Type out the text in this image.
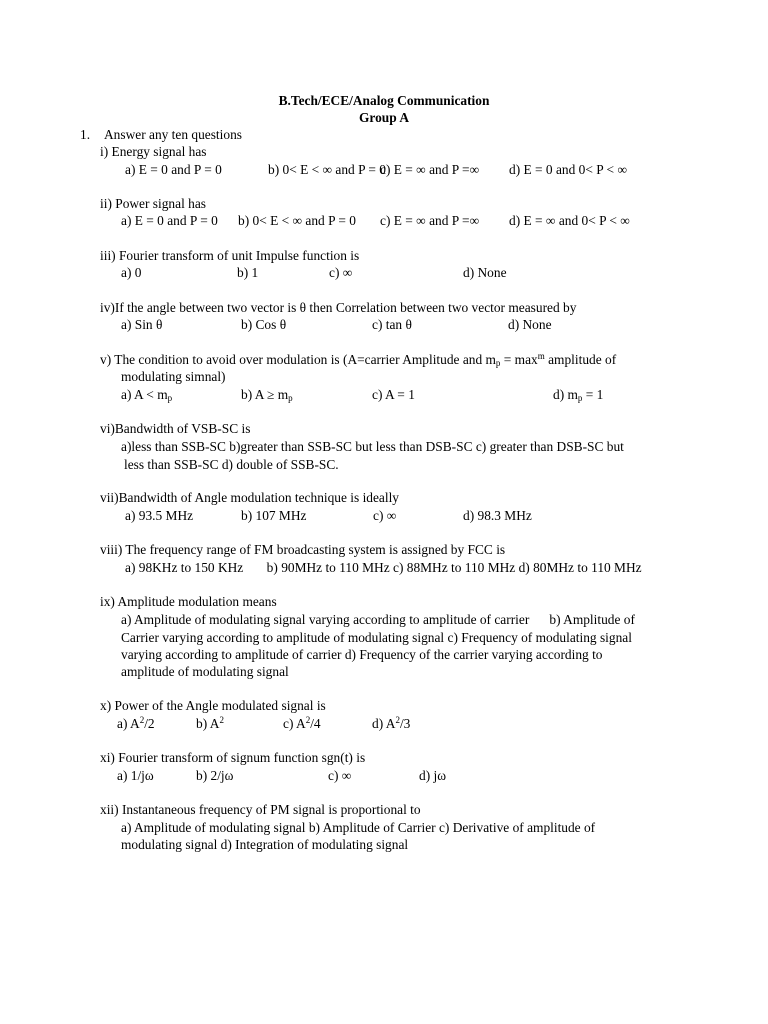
B.Tech/ECE/Analog Communication
Group A
1. Answer any ten questions
i) Energy signal has
a) E = 0 and P = 0	b) 0< E < ∞ and P = 0
c) E = ∞ and P =∞ d) E = 0 and 0< P < ∞
ii) Power signal has
a) E = 0 and P = 0 b) 0< E < ∞ and P = 0 c) E = ∞ and P =∞ d) E = ∞ and 0< P < ∞
iii) Fourier transform of unit Impulse function is
a) 0	b) 1	c) ∞	d) None
iv)If the angle between two vector is θ then Correlation between two vector measured by
a) Sin θ	b) Cos θ	c) tan θ	d) None
v) The condition to avoid over modulation is (A=carrier Amplitude and $m_p = \max^m$ amplitude of
modulating simnal)
a) $A < m_p$	b) $A \ge m_p$	c) A = 1	d) $m_p = 1$
vi)Bandwidth of VSB-SC is
a)less than SSB-SC b)greater than SSB-SC but less than DSB-SC c) greater than DSB-SC but
less than SSB-SC d) double of SSB-SC.
vii)Bandwidth of Angle modulation technique is ideally
a) 93.5 MHz	b) 107 MHz	c) ∞	d) 98.3 MHz
viii) The frequency range of FM broadcasting system is assigned by FCC is
a) 98KHz to 150 KHz       b) 90MHz to 110 MHz c) 88MHz to 110 MHz d) 80MHz to 110 MHz
ix) Amplitude modulation means
a) Amplitude of modulating signal varying according to amplitude of carrier      b) Amplitude of
Carrier varying according to amplitude of modulating signal c) Frequency of modulating signal
varying according to amplitude of carrier d) Frequency of the carrier varying according to
amplitude of modulating signal
x) Power of the Angle modulated signal is
a) $A^2/2$	b) $A^2$	c) $A^2/4$	d) $A^2/3$
xi) Fourier transform of signum function sgn(t) is
a) 1/jω	b) 2/jω	c) ∞	d) jω
xii) Instantaneous frequency of PM signal is proportional to
a) Amplitude of modulating signal b) Amplitude of Carrier c) Derivative of amplitude of
modulating signal d) Integration of modulating signal
